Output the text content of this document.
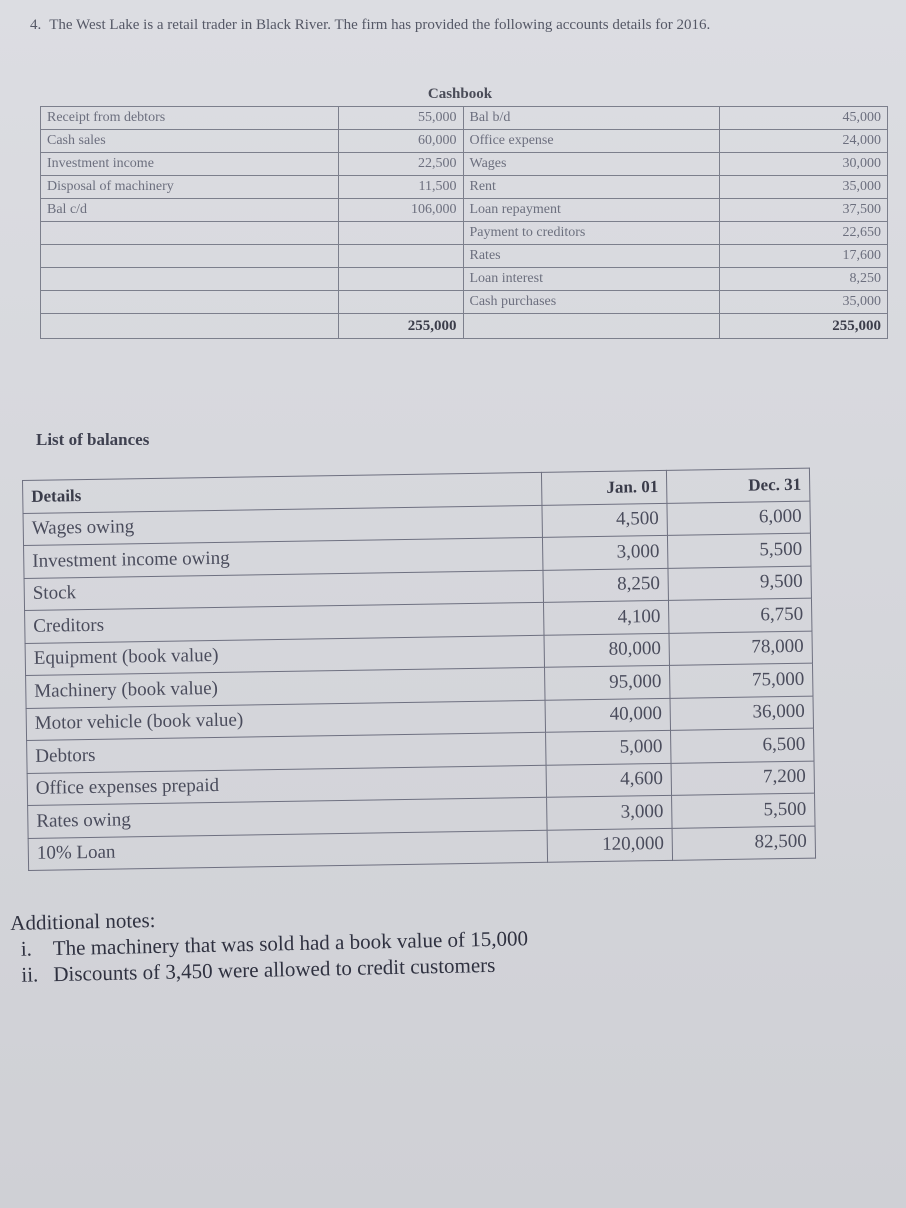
4. The West Lake is a retail trader in Black River. The firm has provided the following accounts details for 2016.
Cashbook
Receipt from debtors	55,000	Bal b/d	45,000
Cash sales	60,000	Office expense	24,000
Investment income	22,500	Wages	30,000
Disposal of machinery	11,500	Rent	35,000
Bal c/d	106,000	Loan repayment	37,500
		Payment to creditors	22,650
		Rates	17,600
		Loan interest	8,250
		Cash purchases	35,000
	255,000		255,000
List of balances
Details	Jan. 01	Dec. 31
Wages owing	4,500	6,000
Investment income owing	3,000	5,500
Stock	8,250	9,500
Creditors	4,100	6,750
Equipment (book value)	80,000	78,000
Machinery (book value)	95,000	75,000
Motor vehicle (book value)	40,000	36,000
Debtors	5,000	6,500
Office expenses prepaid	4,600	7,200
Rates owing	3,000	5,500
10% Loan	120,000	82,500
Additional notes:
i. The machinery that was sold had a book value of 15,000
ii. Discounts of 3,450 were allowed to credit customers
